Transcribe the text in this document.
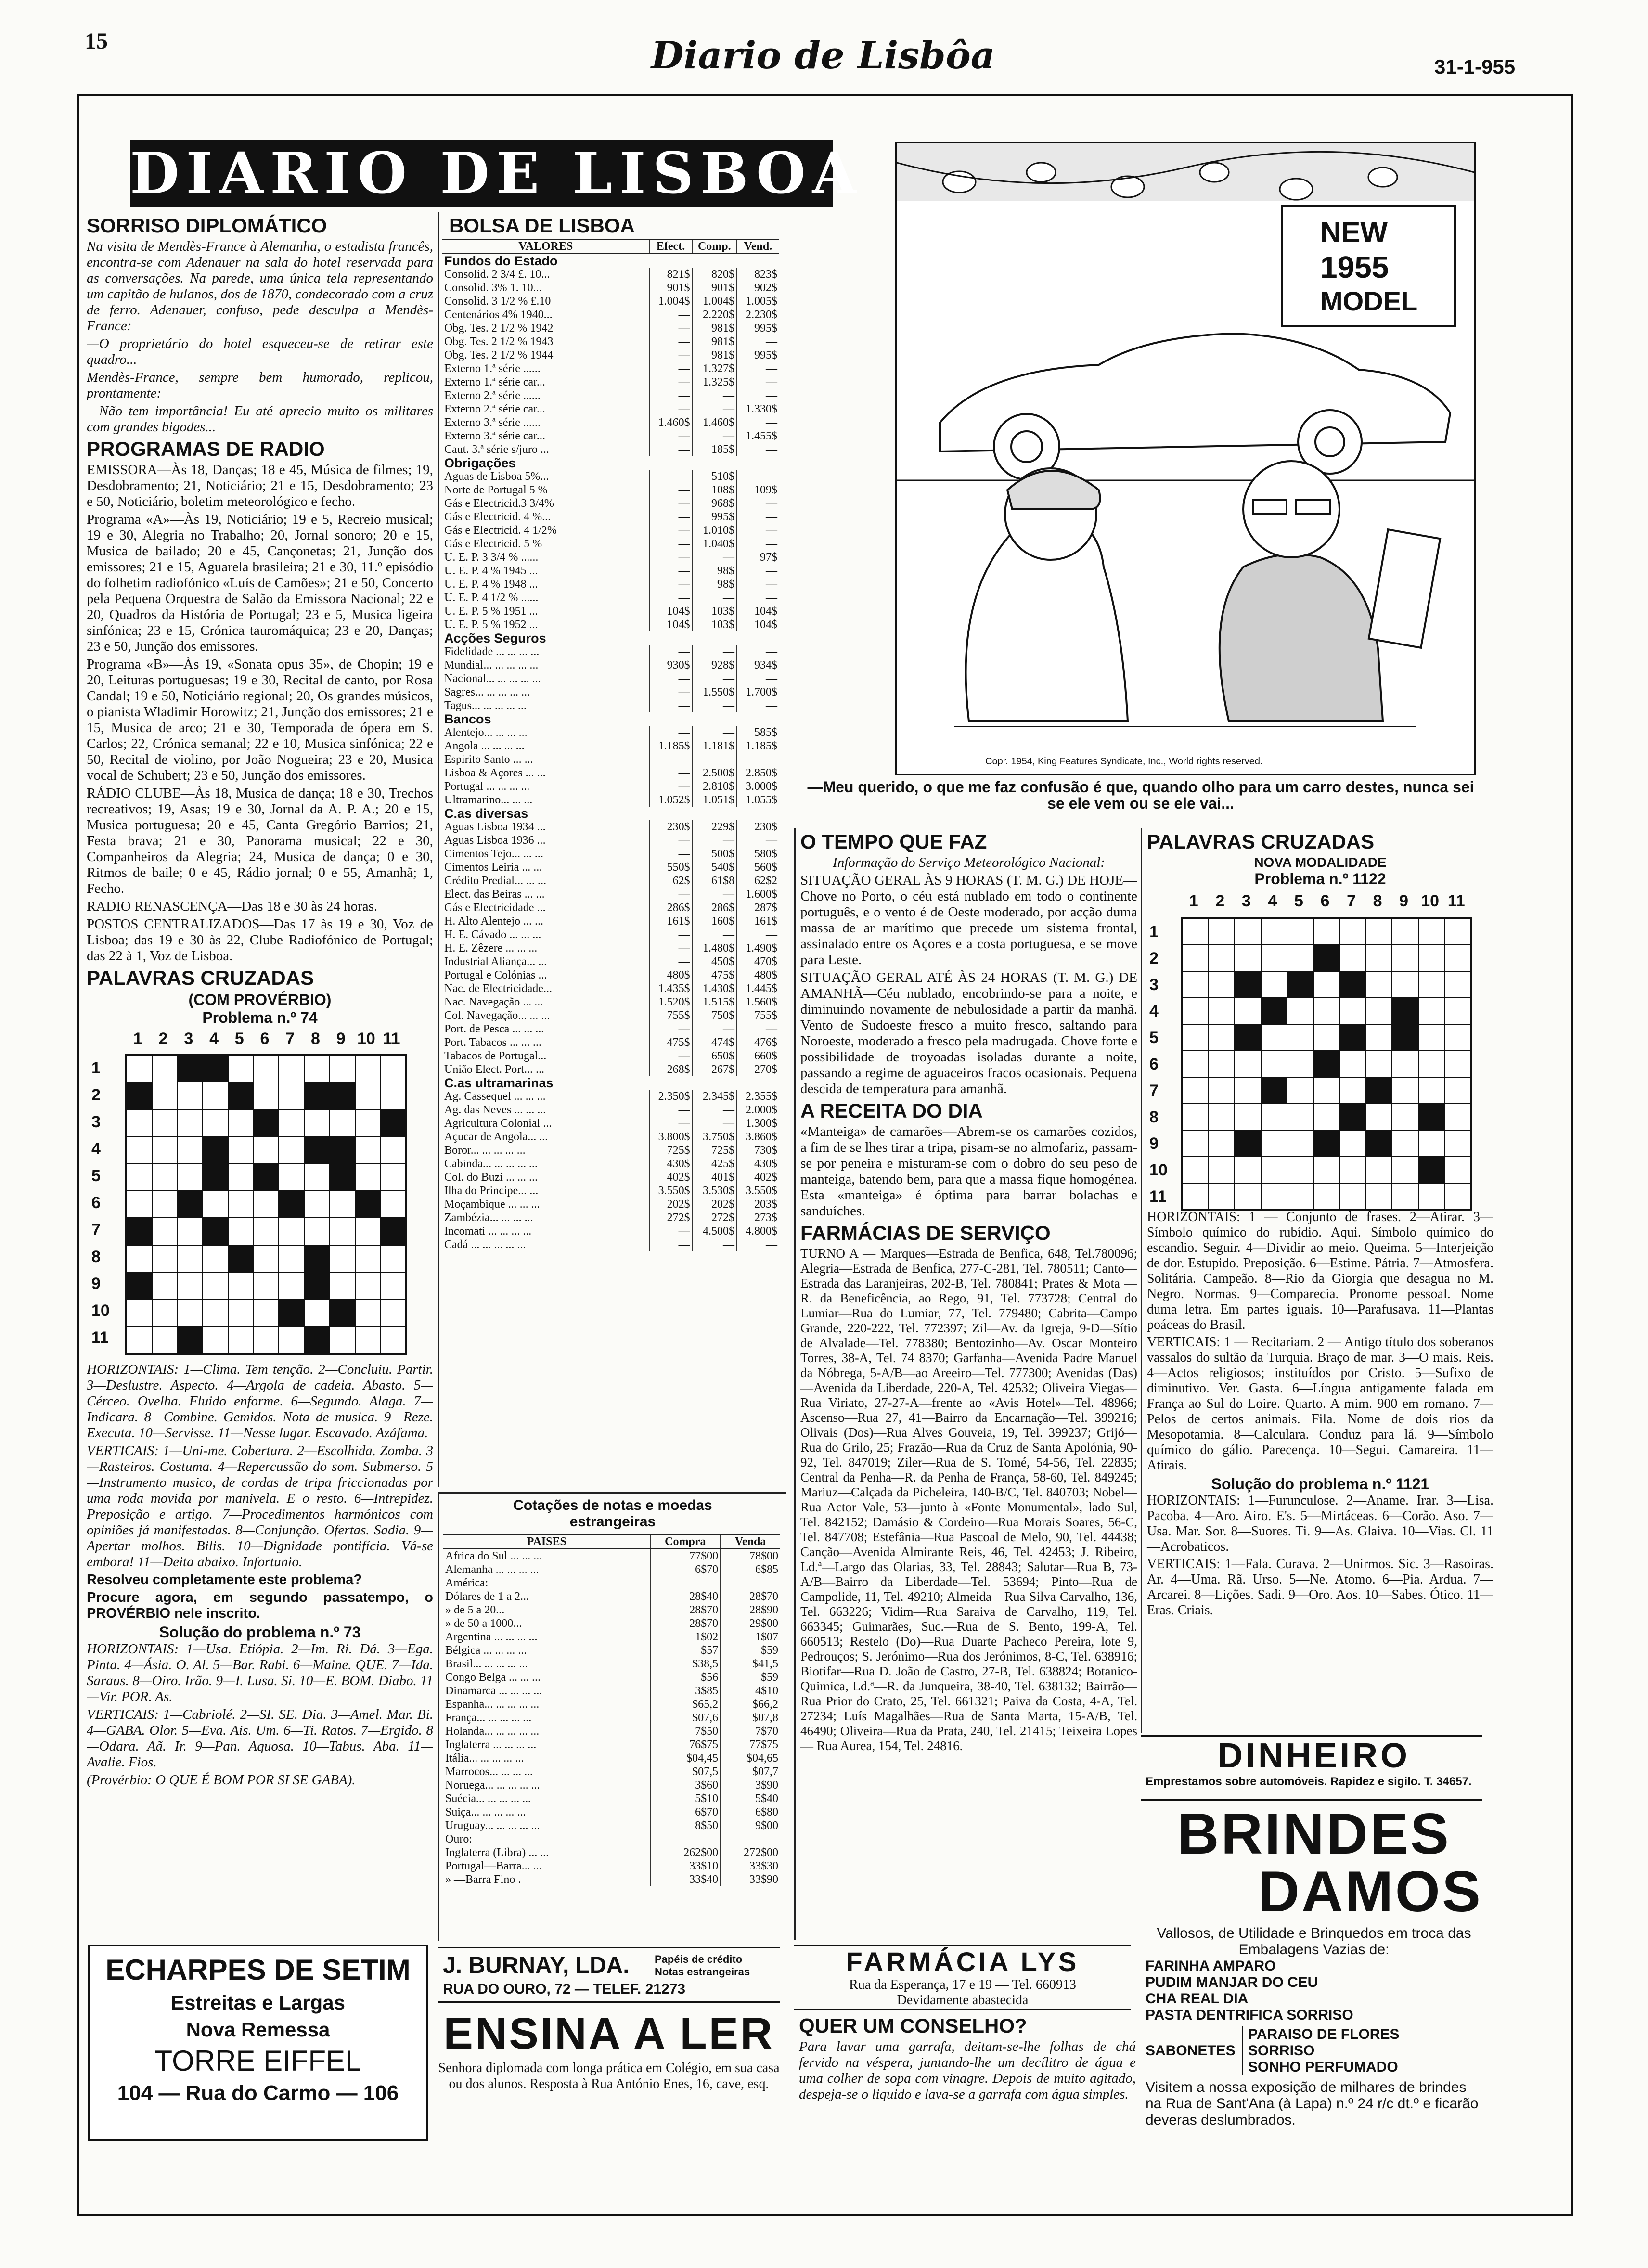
15	Diario de Lisbôa	31-1-955
DIARIO DE LISBOA
SORRISO DIPLOMÁTICO

Na visita de Mendès-France à Alemanha, o estadista francês, encontra-se com Adenauer na sala do hotel reservada para as conversações. Na parede, uma única tela representando um capitão de hulanos, dos de 1870, condecorado com a cruz de ferro. Adenauer, confuso, pede desculpa a Mendès-France:

—O proprietário do hotel esqueceu-se de retirar este quadro...

Mendès-France, sempre bem humorado, replicou, prontamente:

—Não tem importância! Eu até aprecio muito os militares com grandes bigodes...

PROGRAMAS DE RADIO

EMISSORA—Às 18, Danças; 18 e 45, Música de filmes; 19, Desdobramento; 21, Noticiário; 21 e 15, Desdobramento; 23 e 50, Noticiário, boletim meteorológico e fecho.

Programa «A»—Às 19, Noticiário; 19 e 5, Recreio musical; 19 e 30, Alegria no Trabalho; 20, Jornal sonoro; 20 e 15, Musica de bailado; 20 e 45, Cançonetas; 21, Junção dos emissores; 21 e 15, Aguarela brasileira; 21 e 30, 11.º episódio do folhetim radiofónico «Luís de Camões»; 21 e 50, Concerto pela Pequena Orquestra de Salão da Emissora Nacional; 22 e 20, Quadros da História de Portugal; 23 e 5, Musica ligeira sinfónica; 23 e 15, Crónica tauromáquica; 23 e 20, Danças; 23 e 50, Junção dos emissores.

Programa «B»—Às 19, «Sonata opus 35», de Chopin; 19 e 20, Leituras portuguesas; 19 e 30, Recital de canto, por Rosa Candal; 19 e 50, Noticiário regional; 20, Os grandes músicos, o pianista Wladimir Horowitz; 21, Junção dos emissores; 21 e 15, Musica de arco; 21 e 30, Temporada de ópera em S. Carlos; 22, Crónica semanal; 22 e 10, Musica sinfónica; 22 e 50, Recital de violino, por João Nogueira; 23 e 20, Musica vocal de Schubert; 23 e 50, Junção dos emissores.

RÁDIO CLUBE—Às 18, Musica de dança; 18 e 30, Trechos recreativos; 19, Asas; 19 e 30, Jornal da A. P. A.; 20 e 15, Musica portuguesa; 20 e 45, Canta Gregório Barrios; 21, Festa brava; 21 e 30, Panorama musical; 22 e 30, Companheiros da Alegria; 24, Musica de dança; 0 e 30, Ritmos de baile; 0 e 45, Rádio jornal; 0 e 55, Amanhã; 1, Fecho.

RADIO RENASCENÇA—Das 18 e 30 às 24 horas.

POSTOS CENTRALIZADOS—Das 17 às 19 e 30, Voz de Lisboa; das 19 e 30 às 22, Clube Radiofónico de Portugal; das 22 à 1, Voz de Lisboa.

PALAVRAS CRUZADAS
(COM PROVÉRBIO)
Problema n.º 74
1 2 3 4 5 6 7 8 9 10 11
1
2
3
4
5
6
7
8
9
10
11

HORIZONTAIS: 1—Clima. Tem tenção. 2—Concluiu. Partir. 3—Deslustre. Aspecto. 4—Argola de cadeia. Abasto. 5—Cérceo. Ovelha. Fluido enforme. 6—Segundo. Alaga. 7—Indicara. 8—Combine. Gemidos. Nota de musica. 9—Reze. Executa. 10—Servisse. 11—Nesse lugar. Escavado. Azáfama.

VERTICAIS: 1—Uni-me. Cobertura. 2—Escolhida. Zomba. 3—Rasteiros. Costuma. 4—Repercussão do som. Submerso. 5—Instrumento musico, de cordas de tripa friccionadas por uma roda movida por manivela. E o resto. 6—Intrepidez. Preposição e artigo. 7—Procedimentos harmónicos com opiniões já manifestadas. 8—Conjunção. Ofertas. Sadia. 9—Apertar molhos. Bilis. 10—Dignidade pontifícia. Vá-se embora! 11—Deita abaixo. Infortunio.

Resolveu completamente este problema?

Procure agora, em segundo passatempo, o PROVÉRBIO nele inscrito.

Solução do problema n.º 73

HORIZONTAIS: 1—Usa. Etiópia. 2—Im. Ri. Dá. 3—Ega. Pinta. 4—Ásia. O. Al. 5—Bar. Rabi. 6—Maine. QUE. 7—Ida. Saraus. 8—Oiro. Irão. 9—I. Lusa. Si. 10—E. BOM. Diabo. 11—Vir. POR. As.

VERTICAIS: 1—Cabriolé. 2—SI. SE. Dia. 3—Amel. Mar. Bi. 4—GABA. Olor. 5—Eva. Ais. Um. 6—Ti. Ratos. 7—Ergido. 8—Odara. Aã. Ir. 9—Pan. Aquosa. 10—Tabus. Aba. 11—Avalie. Fios.

(Provérbio: O QUE É BOM POR SI SE GABA).

ECHARPES DE SETIM
Estreitas e Largas
Nova Remessa
TORRE EIFFEL
104 — Rua do Carmo — 106
BOLSA DE LISBOA
VALORES	Efect.	Comp.	Vend.
Fundos do Estado			
Consolid. 2 3/4 £. 10...	821$	820$	823$
Consolid. 3% 1. 10...	901$	901$	902$
Consolid. 3 1/2 % £.10	1.004$	1.004$	1.005$
Centenários 4% 1940...	—	2.220$	2.230$
Obg. Tes. 2 1/2 % 1942	—	981$	995$
Obg. Tes. 2 1/2 % 1943	—	981$	—
Obg. Tes. 2 1/2 % 1944	—	981$	995$
Externo 1.ª série ......	—	1.327$	—
Externo 1.ª série car...	—	1.325$	—
Externo 2.ª série ......	—	—	—
Externo 2.ª série car...	—	—	1.330$
Externo 3.ª série ......	1.460$	1.460$	—
Externo 3.ª série car...	—	—	1.455$
Caut. 3.ª série s/juro ...	—	185$	—
Obrigações			
Aguas de Lisboa 5%...	—	510$	—
Norte de Portugal 5 %	—	108$	109$
Gás e Electricid.3 3/4%	—	968$	—
Gás e Electricid. 4 %...	—	995$	—
Gás e Electricid. 4 1/2%	—	1.010$	—
Gás e Electricid. 5 %	—	1.040$	—
U. E. P. 3 3/4 % ......	—	—	97$
U. E. P. 4 % 1945 ...	—	98$	—
U. E. P. 4 % 1948 ...	—	98$	—
U. E. P. 4 1/2 % ......	—	—	—
U. E. P. 5 % 1951 ...	104$	103$	104$
U. E. P. 5 % 1952 ...	104$	103$	104$
Acções Seguros			
Fidelidade ... ... ... ...	—	—	—
Mundial... ... ... ... ...	930$	928$	934$
Nacional... ... ... ... ...	—	—	—
Sagres... ... ... ... ...	—	1.550$	1.700$
Tagus... ... ... ... ...	—	—	—
Bancos			
Alentejo... ... ... ...	—	—	585$
Angola ... ... ... ...	1.185$	1.181$	1.185$
Espirito Santo ... ...	—	—	—
Lisboa & Açores ... ...	—	2.500$	2.850$
Portugal ... ... ... ...	—	2.810$	3.000$
Ultramarino... ... ...	1.052$	1.051$	1.055$
C.as diversas			
Aguas Lisboa 1934 ...	230$	229$	230$
Aguas Lisboa 1936 ...	—	—	—
Cimentos Tejo... ... ...	—	500$	580$
Cimentos Leiria ... ...	550$	540$	560$
Crédito Predial... ... ...	62$	61$8	62$2
Elect. das Beiras ... ...	—	—	1.600$
Gás e Electricidade ...	286$	286$	287$
H. Alto Alentejo ... ...	161$	160$	161$
H. E. Cávado ... ... ...	—	—	—
H. E. Zêzere ... ... ...	—	1.480$	1.490$
Industrial Aliança... ...	—	450$	470$
Portugal e Colónias ...	480$	475$	480$
Nac. de Electricidade...	1.435$	1.430$	1.445$
Nac. Navegação ... ...	1.520$	1.515$	1.560$
Col. Navegação... ... ...	755$	750$	755$
Port. de Pesca ... ... ...	—	—	—
Port. Tabacos ... ... ...	475$	474$	476$
Tabacos de Portugal...	—	650$	660$
União Elect. Port... ...	268$	267$	270$
C.as ultramarinas			
Ag. Cassequel ... ... ...	2.350$	2.345$	2.355$
Ag. das Neves ... ... ...	—	—	2.000$
Agricultura Colonial ...	—	—	1.300$
Açucar de Angola... ...	3.800$	3.750$	3.860$
Boror... ... ... ... ...	725$	725$	730$
Cabinda... ... ... ... ...	430$	425$	430$
Col. do Buzi ... ... ...	402$	401$	402$
Ilha do Principe... ...	3.550$	3.530$	3.550$
Moçambique ... ... ...	202$	202$	203$
Zambézia... ... ... ...	272$	272$	273$
Incomati ... ... ... ...	—	4.500$	4.800$
Cadá ... ... ... ... ...	—	—	—
Cotações de notas e moedas estrangeiras
PAISES	Compra	Venda
Africa do Sul ... ... ...	77$00	78$00
Alemanha ... ... ... ...	6$70	6$85
América:		
Dólares de 1 a 2...	28$40	28$70
» de 5 a 20...	28$70	28$90
» de 50 a 1000...	28$70	29$00
Argentina ... ... ... ...	1$02	1$07
Bélgica ... ... ... ...	$57	$59
Brasil... ... ... ... ...	$38,5	$41,5
Congo Belga ... ... ...	$56	$59
Dinamarca ... ... ... ...	3$85	4$10
Espanha... ... ... ... ...	$65,2	$66,2
França... ... ... ... ...	$07,6	$07,8
Holanda... ... ... ... ...	7$50	7$70
Inglaterra ... ... ... ...	76$75	77$75
Itália... ... ... ... ...	$04,45	$04,65
Marrocos... ... ... ...	$07,5	$07,7
Noruega... ... ... ... ...	3$60	3$90
Suécia... ... ... ... ...	5$10	5$40
Suiça... ... ... ... ...	6$70	6$80
Uruguay... ... ... ... ...	8$50	9$00
Ouro:		
Inglaterra (Libra) ... ...	262$00	272$00
Portugal—Barra... ...	33$10	33$30
» —Barra Fino .	33$40	33$90
J. BURNAY, LDA. Papéis de crédito
Notas estrangeiras
RUA DO OURO, 72 — TELEF. 21273
ENSINA A LER

Senhora diplomada com longa prática em Colégio, em sua casa ou dos alunos. Resposta à Rua António Enes, 16, cave, esq.

NEW
1955
MODEL
Copr. 1954, King Features Syndicate, Inc., World rights reserved.
—Meu querido, o que me faz confusão é que, quando olho para um carro destes, nunca sei se ele vem ou se ele vai...
O TEMPO QUE FAZ

Informação do Serviço Meteorológico Nacional:

SITUAÇÃO GERAL ÀS 9 HORAS (T. M. G.) DE HOJE—Chove no Porto, o céu está nublado em todo o continente português, e o vento é de Oeste moderado, por acção duma massa de ar marítimo que precede um sistema frontal, assinalado entre os Açores e a costa portuguesa, e se move para Leste.

SITUAÇÃO GERAL ATÉ ÀS 24 HORAS (T. M. G.) DE AMANHÃ—Céu nublado, encobrindo-se para a noite, e diminuindo novamente de nebulosidade a partir da manhã. Vento de Sudoeste fresco a muito fresco, saltando para Noroeste, moderado a fresco pela madrugada. Chove forte e possibilidade de troyoadas isoladas durante a noite, passando a regime de aguaceiros fracos ocasionais. Pequena descida de temperatura para amanhã.

A RECEITA DO DIA

«Manteiga» de camarões—Abrem-se os camarões cozidos, a fim de se lhes tirar a tripa, pisam-se no almofariz, passam-se por peneira e misturam-se com o dobro do seu peso de manteiga, batendo bem, para que a massa fique homogénea. Esta «manteiga» é óptima para barrar bolachas e sanduíches.

FARMÁCIAS DE SERVIÇO

TURNO A — Marques—Estrada de Benfica, 648, Tel.780096; Alegria—Estrada de Benfica, 277-C-281, Tel. 780511; Canto—Estrada das Laranjeiras, 202-B, Tel. 780841; Prates & Mota —R. da Beneficência, ao Rego, 91, Tel. 773728; Central do Lumiar—Rua do Lumiar, 77, Tel. 779480; Cabrita—Campo Grande, 220-222, Tel. 772397; Zil—Av. da Igreja, 9-D—Sítio de Alvalade—Tel. 778380; Bentozinho—Av. Oscar Monteiro Torres, 38-A, Tel. 74 8370; Garfanha—Avenida Padre Manuel da Nóbrega, 5-A/B—ao Areeiro—Tel. 777300; Avenidas (Das)—Avenida da Liberdade, 220-A, Tel. 42532; Oliveira Viegas—Rua Viriato, 27-27-A—frente ao «Avis Hotel»—Tel. 48966; Ascenso—Rua 27, 41—Bairro da Encarnação—Tel. 399216; Olivais (Dos)—Rua Alves Gouveia, 19, Tel. 399237; Grijó—Rua do Grilo, 25; Frazão—Rua da Cruz de Santa Apolónia, 90-92, Tel. 847019; Ziler—Rua de S. Tomé, 54-56, Tel. 22835; Central da Penha—R. da Penha de França, 58-60, Tel. 849245; Mariuz—Calçada da Picheleira, 140-B/C, Tel. 840703; Nobel—Rua Actor Vale, 53—junto à «Fonte Monumental», lado Sul, Tel. 842152; Damásio & Cordeiro—Rua Morais Soares, 56-C, Tel. 847708; Estefânia—Rua Pascoal de Melo, 90, Tel. 44438; Canção—Avenida Almirante Reis, 46, Tel. 42453; J. Ribeiro, Ld.ª—Largo das Olarias, 33, Tel. 28843; Salutar—Rua B, 73-A/B—Bairro da Liberdade—Tel. 53694; Pinto—Rua de Campolide, 11, Tel. 49210; Almeida—Rua Silva Carvalho, 136, Tel. 663226; Vidim—Rua Saraiva de Carvalho, 119, Tel. 663345; Guimarães, Suc.—Rua de S. Bento, 199-A, Tel. 660513; Restelo (Do)—Rua Duarte Pacheco Pereira, lote 9, Pedrouços; S. Jerónimo—Rua dos Jerónimos, 8-C, Tel. 638916; Biotifar—Rua D. João de Castro, 27-B, Tel. 638824; Botanico-Quimica, Ld.ª—R. da Junqueira, 38-40, Tel. 638132; Bairrão—Rua Prior do Crato, 25, Tel. 661321; Paiva da Costa, 4-A, Tel. 27234; Luís Magalhães—Rua de Santa Marta, 15-A/B, Tel. 46490; Oliveira—Rua da Prata, 240, Tel. 21415; Teixeira Lopes — Rua Aurea, 154, Tel. 24816.

FARMÁCIA LYS
Rua da Esperança, 17 e 19 — Tel. 660913
Devidamente abastecida
QUER UM CONSELHO?

Para lavar uma garrafa, deitam-se-lhe folhas de chá fervido na véspera, juntando-lhe um decílitro de água e uma colher de sopa com vinagre. Depois de muito agitado, despeja-se o liquido e lava-se a garrafa com água simples.

PALAVRAS CRUZADAS
NOVA MODALIDADE
Problema n.º 1122
1	2	3	4	5	6	7	8	9 10 11
1
2
3
4
5
6
7
8
9
10
11

HORIZONTAIS: 1 — Conjunto de frases. 2—Atirar. 3—Símbolo químico do rubídio. Aqui. Símbolo químico do escandio. Seguir. 4—Dividir ao meio. Queima. 5—Interjeição de dor. Estupido. Preposição. 6—Estime. Pátria. 7—Atmosfera. Solitária. Campeão. 8—Rio da Giorgia que desagua no M. Negro. Normas. 9—Comparecia. Pronome pessoal. Nome duma letra. Em partes iguais. 10—Parafusava. 11—Plantas poáceas do Brasil.

VERTICAIS: 1 — Recitariam. 2 — Antigo título dos soberanos vassalos do sultão da Turquia. Braço de mar. 3—O mais. Reis. 4—Actos religiosos; instituídos por Cristo. 5—Sufixo de diminutivo. Ver. Gasta. 6—Língua antigamente falada em França ao Sul do Loire. Quarto. A mim. 900 em romano. 7—Pelos de certos animais. Fila. Nome de dois rios da Mesopotamia. 8—Calculara. Conduz para lá. 9—Símbolo químico do gálio. Parecença. 10—Segui. Camareira. 11—Atirais.

Solução do problema n.º 1121

HORIZONTAIS: 1—Furunculose. 2—Aname. Irar. 3—Lisa. Pacoba. 4—Aro. Airo. E's. 5—Mirtáceas. 6—Corão. Aso. 7—Usa. Mar. Sor. 8—Suores. Ti. 9—As. Glaiva. 10—Vias. Cl. 11—Acrobaticos.

VERTICAIS: 1—Fala. Curava. 2—Unirmos. Sic. 3—Rasoiras. Ar. 4—Uma. Rã. Urso. 5—Ne. Atomo. 6—Pia. Ardua. 7—Arcarei. 8—Lições. Sadi. 9—Oro. Aos. 10—Sabes. Ótico. 11—Eras. Criais.

DINHEIRO
Emprestamos sobre automóveis. Rapidez e sigilo. T. 34657.
BRINDES
DAMOS
Vallosos, de Utilidade e Brinquedos em troca das Embalagens Vazias de:
FARINHA AMPARO
PUDIM MANJAR DO CEU
CHA REAL DIA
PASTA DENTRIFICA SORRISO
SABONETES
PARAISO DE FLORES
SORRISO
SONHO PERFUMADO
Visitem a nossa exposição de milhares de brindes na Rua de Sant'Ana (à Lapa) n.º 24 r/c dt.º e ficarão deveras deslumbrados.
